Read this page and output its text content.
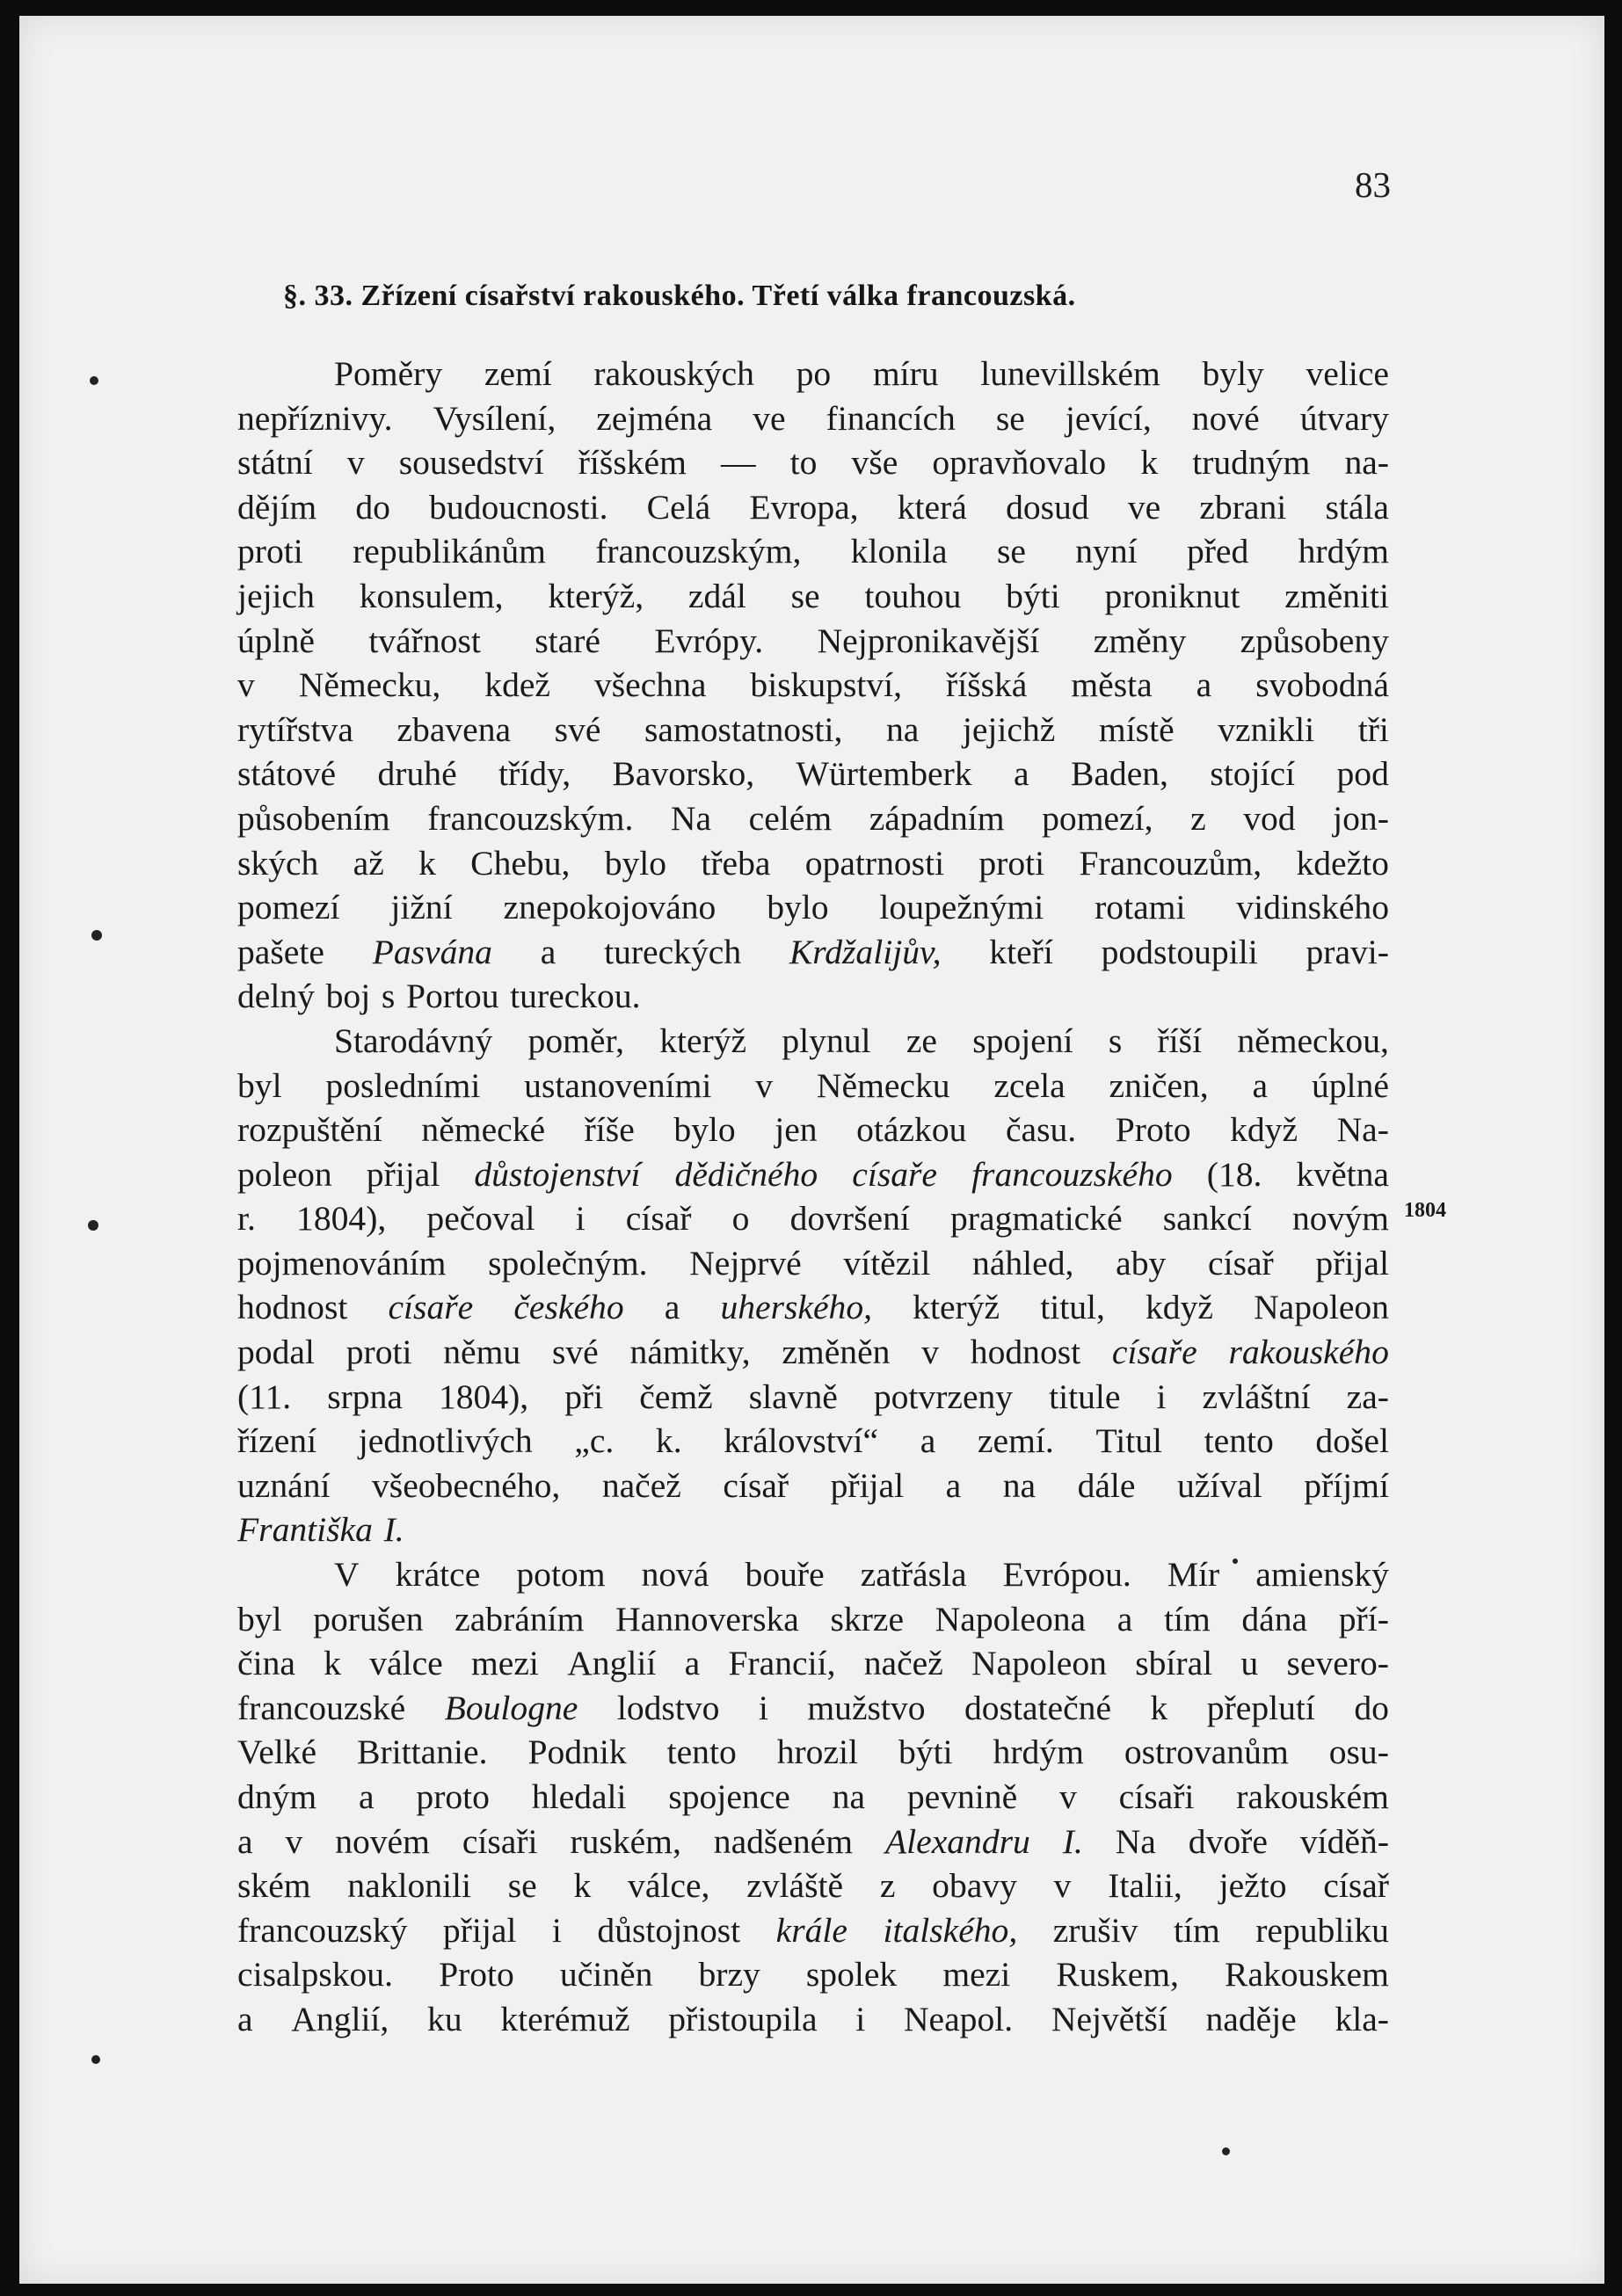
83
§. 33. Zřízení císařství rakouského. Třetí válka francouzská.
1804
Poměry zemí rakouských po míru lunevillském byly velice
nepříznivy. Vysílení, zejména ve financích se jevící, nové útvary
státní v sousedství říšském — to vše opravňovalo k trudným na-
dějím do budoucnosti. Celá Evropa, která dosud ve zbrani stála
proti republikánům francouzským, klonila se nyní před hrdým
jejich konsulem, kterýž, zdál se touhou býti proniknut změniti
úplně tvářnost staré Evrópy. Nejpronikavější změny způsobeny
v Německu, kdež všechna biskupství, říšská města a svobodná
rytířstva zbavena své samostatnosti, na jejichž místě vznikli tři
státové druhé třídy, Bavorsko, Würtemberk a Baden, stojící pod
působením francouzským. Na celém západním pomezí, z vod jon-
ských až k Chebu, bylo třeba opatrnosti proti Francouzům, kdežto
pomezí jižní znepokojováno bylo loupežnými rotami vidinského
pašete Pasvána a tureckých Krdžalijův, kteří podstoupili pravi-
delný boj s Portou tureckou.
Starodávný poměr, kterýž plynul ze spojení s říší německou,
byl posledními ustanoveními v Německu zcela zničen, a úplné
rozpuštění německé říše bylo jen otázkou času. Proto když Na-
poleon přijal důstojenství dědičného císaře francouzského (18. května
r. 1804), pečoval i císař o dovršení pragmatické sankcí novým
pojmenováním společným. Nejprvé vítězil náhled, aby císař přijal
hodnost císaře českého a uherského, kterýž titul, když Napoleon
podal proti němu své námitky, změněn v hodnost císaře rakouského
(11. srpna 1804), při čemž slavně potvrzeny titule i zvláštní za-
řízení jednotlivých „c. k. království“ a zemí. Titul tento došel
uznání všeobecného, načež císař přijal a na dále užíval příjmí
Františka I.
V krátce potom nová bouře zatřásla Evrópou. Mír amienský
byl porušen zabráním Hannoverska skrze Napoleona a tím dána pří-
čina k válce mezi Anglií a Francií, načež Napoleon sbíral u severo-
francouzské Boulogne lodstvo i mužstvo dostatečné k přeplutí do
Velké Brittanie. Podnik tento hrozil býti hrdým ostrovanům osu-
dným a proto hledali spojence na pevnině v císaři rakouském
a v novém císaři ruském, nadšeném Alexandru I. Na dvoře víděň-
ském naklonili se k válce, zvláště z obavy v Italii, ježto císař
francouzský přijal i důstojnost krále italského, zrušiv tím republiku
cisalpskou. Proto učiněn brzy spolek mezi Ruskem, Rakouskem
a Anglií, ku kterémuž přistoupila i Neapol. Největší naděje kla-
